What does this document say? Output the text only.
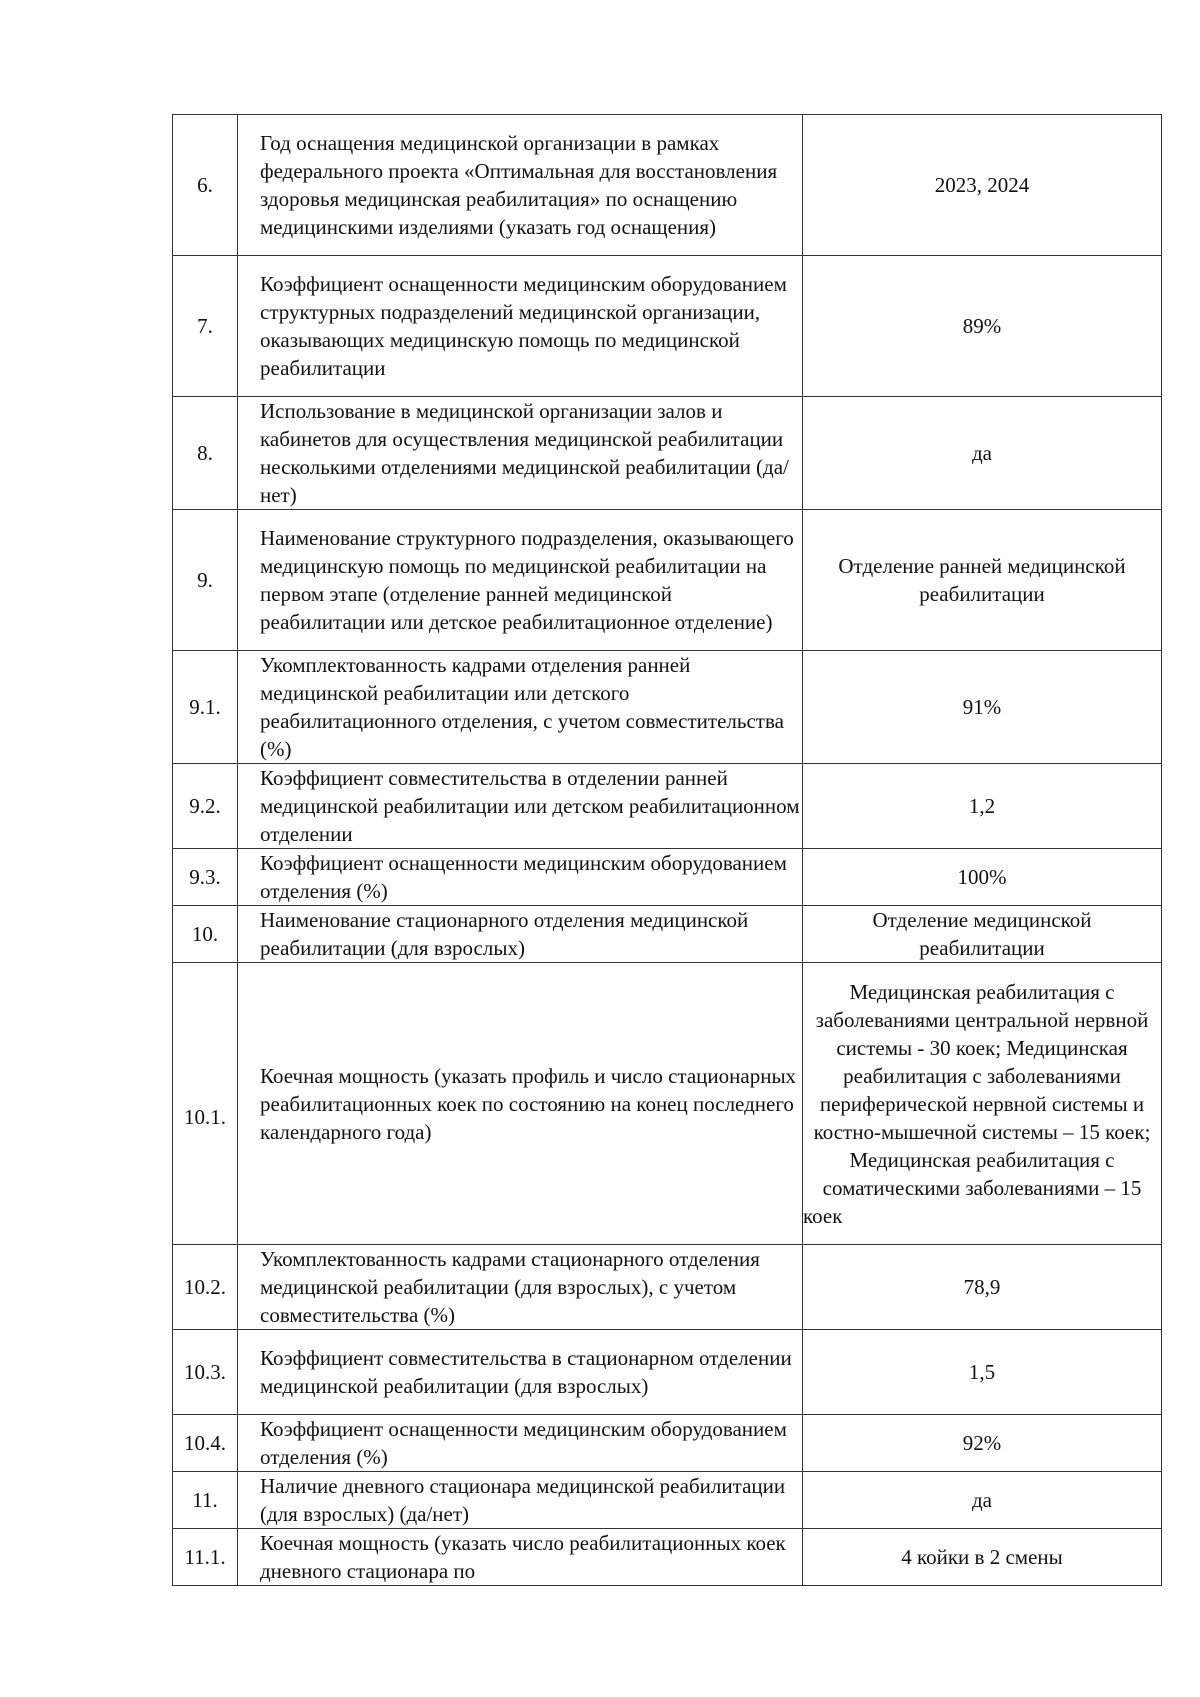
6.	Год оснащения медицинской организации в рамках федерального проекта «Оптимальная для восстановления здоровья медицинская реабилитация» по оснащению медицинскими изделиями (указать год оснащения)	2023, 2024
7.	Коэффициент оснащенности медицинским оборудованием структурных подразделений медицинской организации, оказывающих медицинскую помощь по медицинской реабилитации	89%
8.	Использование в медицинской организации залов и кабинетов для осуществления медицинской реабилитации несколькими отделениями медицинской реабилитации (да/нет)	да
9.	Наименование структурного подразделения, оказывающего медицинскую помощь по медицинской реабилитации на первом этапе (отделение ранней медицинской реабилитации или детское реабилитационное отделение)	Отделение ранней медицинской реабилитации
9.1.	Укомплектованность кадрами отделения ранней медицинской реабилитации или детского реабилитационного отделения, с учетом совместительства (%)	91%
9.2.	Коэффициент совместительства в отделении ранней медицинской реабилитации или детском реабилитационном отделении	1,2
9.3.	Коэффициент оснащенности медицинским оборудованием отделения (%)	100%
10.	Наименование стационарного отделения медицинской реабилитации (для взрослых)	Отделение медицинской реабилитации
10.1.	Коечная мощность (указать профиль и число стационарных реабилитационных коек по состоянию на конец последнего календарного года)	Медицинская реабилитация с заболеваниями центральной нервной системы - 30 коек; Медицинская реабилитация с заболеваниями периферической нервной системы и костно-мышечной системы – 15 коек; Медицинская реабилитация с соматическими заболеваниями – 15 коек
10.2.	Укомплектованность кадрами стационарного отделения медицинской реабилитации (для взрослых), с учетом совместительства (%)	78,9
10.3.	Коэффициент совместительства в стационарном отделении медицинской реабилитации (для взрослых)	1,5
10.4.	Коэффициент оснащенности медицинским оборудованием отделения (%)	92%
11.	Наличие дневного стационара медицинской реабилитации (для взрослых) (да/нет)	да
11.1.	Коечная мощность (указать число реабилитационных коек дневного стационара по	4 койки в 2 смены
